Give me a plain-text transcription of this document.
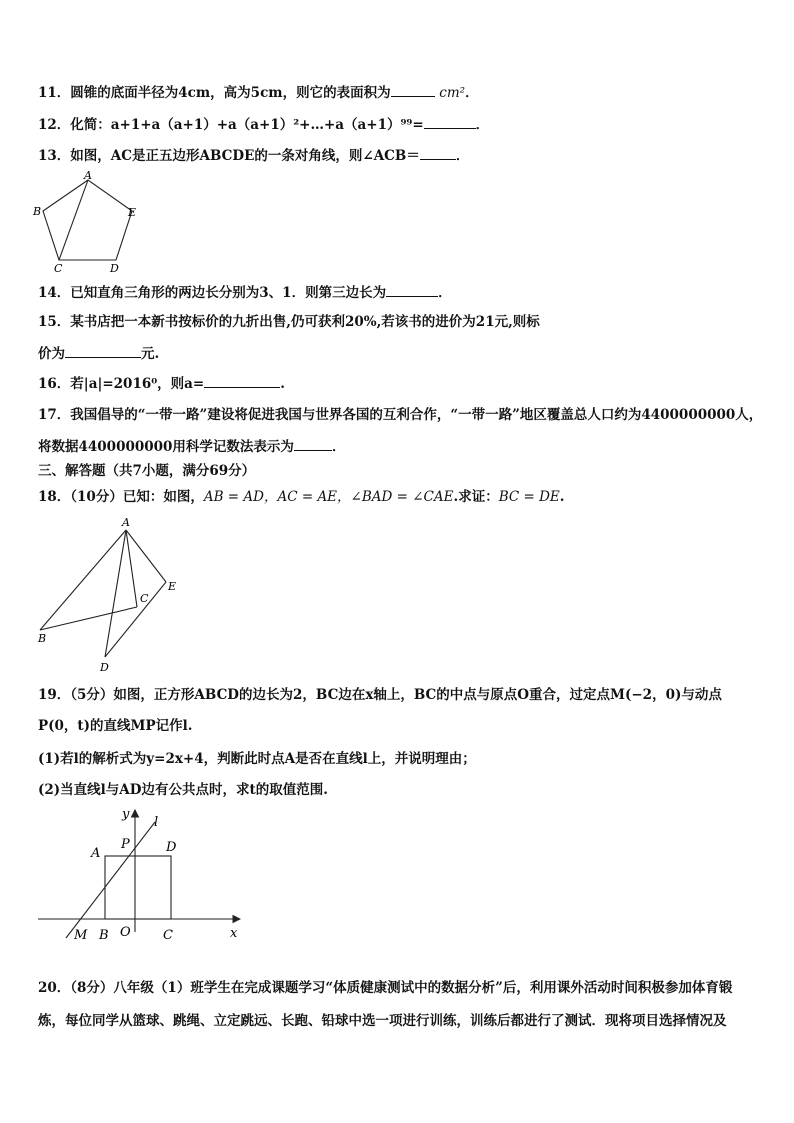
11．圆锥的底面半径为4cm，高为5cm，则它的表面积为	cm²．
12．化简：a+1+a（a+1）+a（a+1）²+…+a（a+1）⁹⁹=	．
13．如图，AC是正五边形ABCDE的一条对角线，则∠ACB＝	．
A
B
C	D
E
14．已知直角三角形的两边长分别为3、1．则第三边长为	．
15．某书店把一本新书按标价的九折出售,仍可获利20%,若该书的进价为21元,则标
价为	元.
16．若|a|=2016⁰，则a=	.
17．我国倡导的“一带一路”建设将促进我国与世界各国的互利合作，“一带一路”地区覆盖总人口约为4400000000人，
将数据4400000000用科学记数法表示为	．
三、解答题（共7小题，满分69分）
18．（10分）已知：如图，AB = AD，AC = AE，∠BAD = ∠CAE.求证：BC = DE.
A
B
C
D
E
19．（5分）如图，正方形ABCD的边长为2，BC边在x轴上，BC的中点与原点O重合，过定点M(−2，0)与动点
P(0，t)的直线MP记作l.
(1)若l的解析式为y=2x+4，判断此时点A是否在直线l上，并说明理由；
(2)当直线l与AD边有公共点时，求t的取值范围.
y
l
P
A	D
M B O C	x
20．（8分）八年级（1）班学生在完成课题学习“体质健康测试中的数据分析”后，利用课外活动时间积极参加体育锻
炼，每位同学从篮球、跳绳、立定跳远、长跑、铅球中选一项进行训练，训练后都进行了测试．现将项目选择情况及
